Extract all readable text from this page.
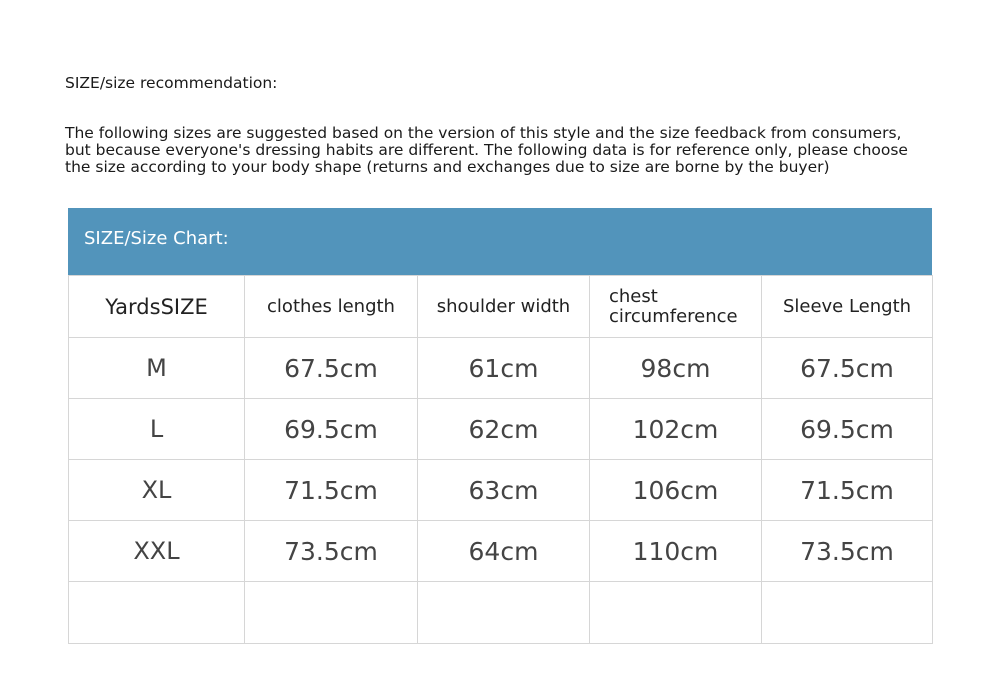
SIZE/size recommendation:
The following sizes are suggested based on the version of this style and the size feedback from consumers,
but because everyone's dressing habits are different. The following data is for reference only, please choose
the size according to your body shape (returns and exchanges due to size are borne by the buyer)
SIZE/Size Chart:
YardsSIZE	clothes length	shoulder width	chest circumference	Sleeve Length
M	67.5cm	61cm	98cm	67.5cm
L	69.5cm	62cm	102cm	69.5cm
XL	71.5cm	63cm	106cm	71.5cm
XXL	73.5cm	64cm	110cm	73.5cm
